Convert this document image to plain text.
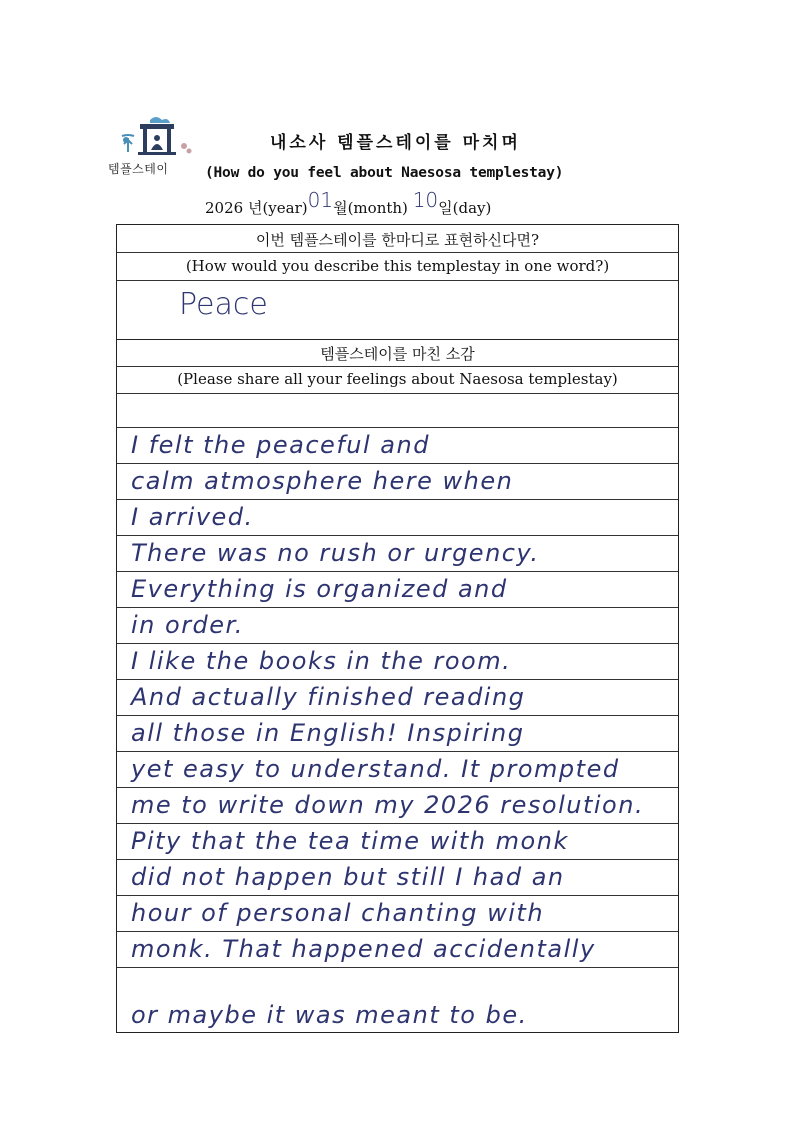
템플스테이
내소사 템플스테이를 마치며
(How do you feel about Naesosa templestay)
2026 년(year)01월(month) 10일(day)
이번 템플스테이를 한마디로 표현하신다면?
(How would you describe this templestay in one word?)
Peace
템플스테이를 마친 소감
(Please share all your feelings about Naesosa templestay)
I felt the peaceful and
calm atmosphere here when
I arrived.
There was no rush or urgency.
Everything is organized and
in order.
I like the books in the room.
And actually finished reading
all those in English! Inspiring
yet easy to understand. It prompted
me to write down my 2026 resolution.
Pity that the tea time with monk
did not happen but still I had an
hour of personal chanting with
monk. That happened accidentally
or maybe it was meant to be.
